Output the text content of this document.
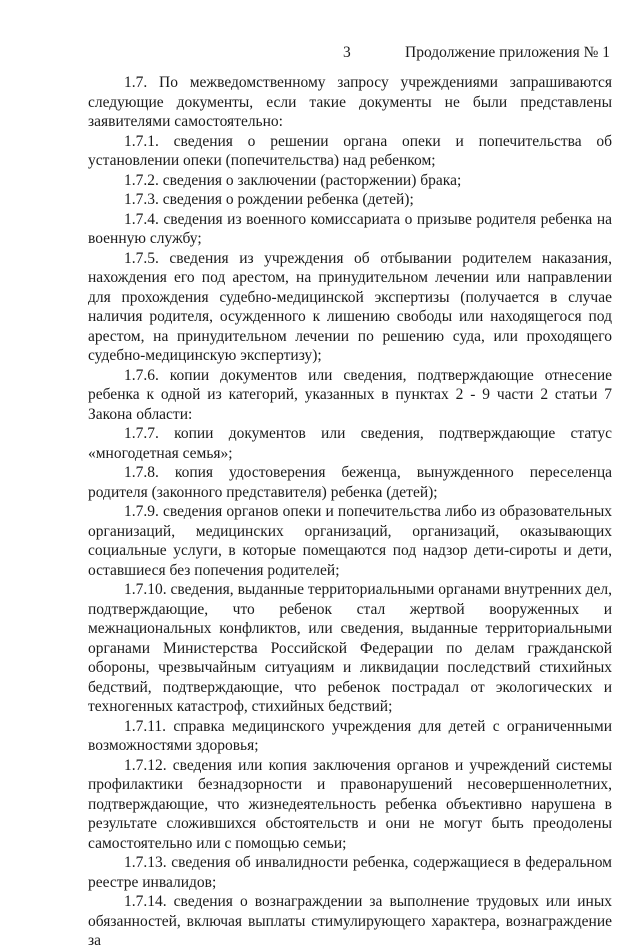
3	Продолжение приложения № 1

1.7. По межведомственному запросу учреждениями запрашиваются следующие документы, если такие документы не были представлены заявителями самостоятельно:

1.7.1. сведения о решении органа опеки и попечительства об установлении опеки (попечительства) над ребенком;

1.7.2. сведения о заключении (расторжении) брака;

1.7.3. сведения о рождении ребенка (детей);

1.7.4. сведения из военного комиссариата о призыве родителя ребенка на военную службу;

1.7.5. сведения из учреждения об отбывании родителем наказания, нахождения его под арестом, на принудительном лечении или направлении для прохождения судебно-медицинской экспертизы (получается в случае наличия родителя, осужденного к лишению свободы или находящегося под арестом, на принудительном лечении по решению суда, или проходящего судебно-медицинскую экспертизу);

1.7.6. копии документов или сведения, подтверждающие отнесение ребенка к одной из категорий, указанных в пунктах 2 - 9 части 2 статьи 7 Закона области:

1.7.7. копии документов или сведения, подтверждающие статус «многодетная семья»;

1.7.8. копия удостоверения беженца, вынужденного переселенца родителя (законного представителя) ребенка (детей);

1.7.9. сведения органов опеки и попечительства либо из образовательных организаций, медицинских организаций, организаций, оказывающих социальные услуги, в которые помещаются под надзор дети-сироты и дети, оставшиеся без попечения родителей;

1.7.10. сведения, выданные территориальными органами внутренних дел, подтверждающие, что ребенок стал жертвой вооруженных и межнациональных конфликтов, или сведения, выданные территориальными органами Министерства Российской Федерации по делам гражданской обороны, чрезвычайным ситуациям и ликвидации последствий стихийных бедствий, подтверждающие, что ребенок пострадал от экологических и техногенных катастроф, стихийных бедствий;

1.7.11. справка медицинского учреждения для детей с ограниченными возможностями здоровья;

1.7.12. сведения или копия заключения органов и учреждений системы профилактики безнадзорности и правонарушений несовершеннолетних, подтверждающие, что жизнедеятельность ребенка объективно нарушена в результате сложившихся обстоятельств и они не могут быть преодолены самостоятельно или с помощью семьи;

1.7.13. сведения об инвалидности ребенка, содержащиеся в федеральном реестре инвалидов;

1.7.14. сведения о вознаграждении за выполнение трудовых или иных обязанностей, включая выплаты стимулирующего характера, вознаграждение за
